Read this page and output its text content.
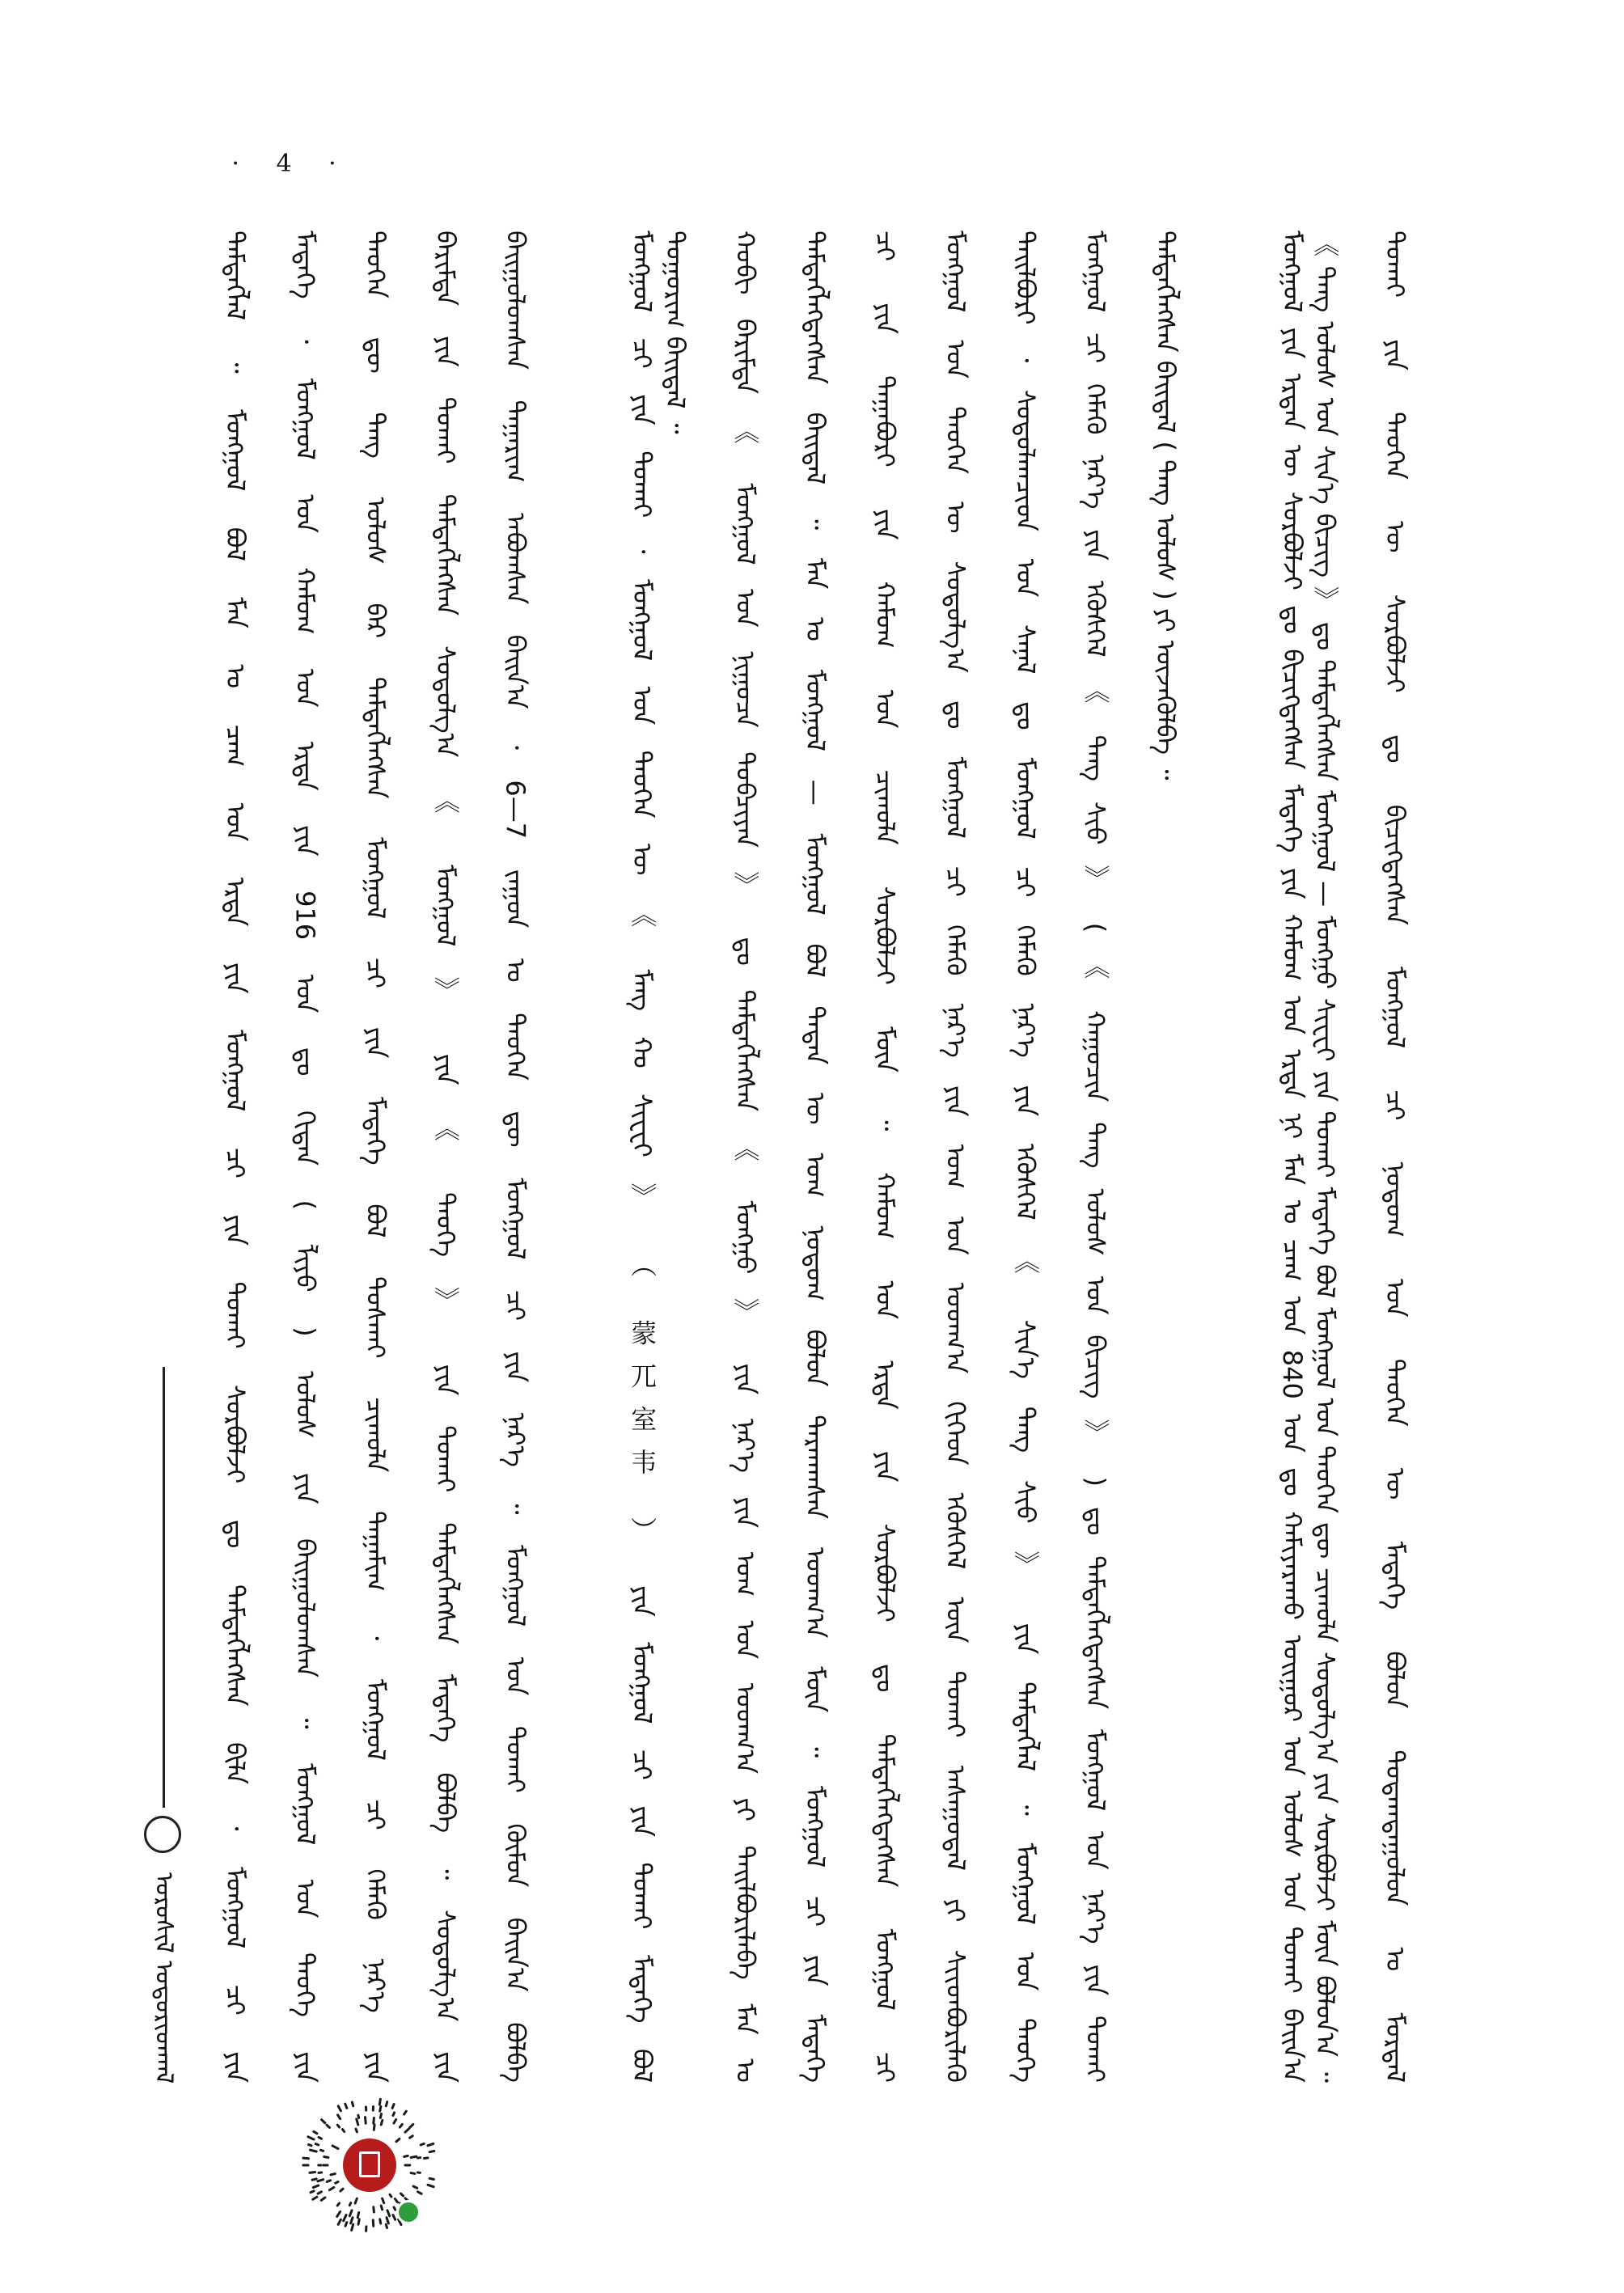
· 4 ·
ᠲᠤᠬᠠᠢ ᠶᠢᠨ ᠲᠡᠦᠬᠡᠨ ᠦ ᠰᠤᠷᠪᠤᠯᠵᠢ ᠳᠤ ᠪᠢᠴᠢᠭᠳᠡᠭᠰᠡᠨ ᠮᠣᠩᠭᠣᠯ ᠴᠢ ᠨᠤᠲᠤᠭ ᠤᠨ ᠲᠡᠦᠬᠡᠨ ᠦ ᠮᠡᠳᠡᠭᠡ ᠪᠤᠯᠤᠨ ᠳᠤᠲᠠᠭᠳᠠᠭᠤᠯᠤᠨ ᠤ ᠮᠣᠷᠳᠠᠯ
《 ᠲᠠᠩ ᠤᠯᠤᠰ ᠤᠨ ᠰᠢᠨ᠎ᠡ ᠪᠢᠴᠢᠭ 》 ᠳᠤ ᠲᠡᠮᠳᠡᠭᠯᠡᠭᠰᠡᠨ ᠮᠣᠩᠭᠣᠯ — ᠮᠤᠩᠭᠤ ᠰᠢᠸᠧᠢ ᠶᠢᠨ ᠲᠤᠬᠠᠢ ᠮᠡᠳᠡᠭᠡ ᠪᠣᠯ ᠮᠣᠩᠭᠣᠯ ᠤᠨ ᠲᠡᠦᠬᠡᠨ ᠳᠦ ᠴᠢᠬᠤᠯᠠ ᠰᠤᠳᠤᠯᠭ᠎ᠠ ᠶᠢᠨ ᠰᠤᠷᠪᠤᠯᠵᠢ ᠮᠥᠨ ᠪᠣᠯᠤᠨ᠎ᠠ ᠃
ᠮᠣᠩᠭᠣᠯ ᠶᠢᠨ ᠡᠷᠲᠡᠨ ᠦ ᠰᠤᠷᠪᠤᠯᠵᠢ ᠳᠤ ᠪᠢᠴᠢᠭᠳᠡᠭᠰᠡᠨ ᠮᠡᠳᠡᠭᠡ ᠶᠢᠨ ᠬᠠᠮᠤᠭ ᠤᠨ ᠡᠷᠲᠡ ᠨᠢ ᠮᠠᠨ ᠤ ᠴᠠᠭ ᠤᠨ 840 ᠣᠨ ᠳᠤ ᠬᠠᠮᠢᠶᠠᠷᠠᠬᠤ ᠤᠢᠭᠤᠷ ᠤᠨ ᠤᠯᠤᠰ ᠤᠨ ᠲᠤᠬᠠᠢ ᠪᠠᠢᠨ᠎ᠠ
ᠲᠡᠮᠳᠡᠭᠯᠡᠭᠰᠡᠨ ᠪᠠᠢᠳᠠᠯ ( ᠲᠠᠩ ᠤᠯᠤᠰ ) ᠶᠢ ᠦᠵᠡᠭᠦᠯᠪᠡ ᠃
ᠮᠣᠩᠭᠣᠯ ᠴᠢ ᠬᠡᠮᠡᠬᠦ ᠨᠡᠷ᠎ᠡ ᠶᠢᠨ ᠡᠭᠦᠰᠬᠡᠯ 《 ᠲᠠᠩ ᠰᠢᠦ 》 ( 《 ᠬᠠᠭᠤᠴᠢᠨ ᠲᠠᠩ ᠤᠯᠤᠰ ᠤᠨ ᠪᠢᠴᠢᠭ 》 ) ᠳᠤ ᠲᠡᠮᠳᠡᠭᠯᠡᠭᠳᠡᠭᠰᠡᠨ ᠮᠣᠩᠭᠣᠯ ᠤᠨ ᠨᠡᠷ᠎ᠡ ᠶᠢᠨ ᠲᠤᠬᠠᠢ
ᠲᠠᠢᠯᠪᠤᠷᠢ ᠂ ᠰᠤᠳᠤᠯᠠᠭᠴᠢᠳ ᠤᠨ ᠰᠠᠨᠠᠯ ᠳᠤ ᠮᠣᠩᠭᠣᠯ ᠴᠢ ᠬᠡᠮᠡᠬᠦ ᠨᠡᠷ᠎ᠡ ᠶᠢᠨ ᠡᠭᠦᠰᠬᠡᠯ 《 ᠰᠢᠨ᠎ᠡ ᠲᠠᠩ ᠰᠢᠦ 》 ᠶᠢᠨ ᠲᠡᠮᠳᠡᠭᠯᠡᠯ ᠃ ᠮᠣᠩᠭᠣᠯ ᠤᠨ ᠲᠡᠦᠬᠡ
ᠮᠣᠩᠭᠣᠯ ᠤᠨ ᠲᠡᠦᠬᠡᠨ ᠦ ᠰᠤᠳᠤᠯᠭ᠎ᠠ ᠳᠤ ᠮᠣᠩᠭᠣᠯ ᠴᠢ ᠬᠡᠮᠡᠬᠦ ᠨᠡᠷ᠎ᠡ ᠶᠢᠨ ᠤᠭ ᠤᠨ ᠤᠳᠬ᠎ᠠ ᠬᠢᠭᠡᠳ ᠡᠭᠦᠰᠬᠡᠯ ᠦᠨ ᠲᠤᠬᠠᠢ ᠠᠰᠠᠭᠤᠳᠠᠯ ᠶᠢ ᠰᠢᠢᠳᠪᠦᠷᠢᠯᠡᠬᠦ
ᠴᠢ ᠶᠢᠨ ᠳᠠᠭᠠᠪᠤᠷᠢ ᠶᠢᠨ ᠬᠠᠮᠤᠭ ᠤᠨ ᠴᠢᠬᠤᠯᠠ ᠰᠤᠷᠪᠤᠯᠵᠢ ᠮᠥᠨ ᠃ ᠬᠠᠮᠤᠭ ᠤᠨ ᠡᠷᠲᠡ ᠶᠢᠨ ᠰᠤᠷᠪᠤᠯᠵᠢ ᠳᠤ ᠲᠡᠮᠳᠡᠭᠯᠡᠭᠳᠡᠭᠰᠡᠨ ᠮᠣᠩᠭᠣᠯ ᠴᠢ
ᠲᠡᠮᠳᠡᠭᠯᠡᠭᠳᠡᠭᠰᠡᠨ ᠪᠠᠢᠳᠠᠯ ᠃ ᠮᠠᠨ ᠤ ᠮᠣᠩᠭᠣᠯ — ᠮᠣᠩᠭᠣᠯ ᠪᠣᠯ ᠲᠡᠳᠡᠨ ᠦ ᠤᠭ ᠨᠤᠲᠤᠭ ᠪᠣᠯᠤᠨ ᠲᠠᠷᠬᠠᠭᠰᠠᠨ ᠤᠳᠬ᠎ᠠ ᠮᠥᠨ ᠃ ᠮᠣᠩᠭᠣᠯ ᠴᠢ ᠶᠢᠨ ᠮᠡᠳᠡᠭᠡ
ᠬᠤᠪᠢ ᠪᠠᠷᠢᠮᠲᠠ 《 ᠮᠣᠩᠭᠣᠯ ᠤᠨ ᠨᠢᠭᠤᠴᠠ ᠲᠤᠪᠴᠢᠶᠠᠨ 》 ᠳᠤ ᠲᠡᠮᠳᠡᠭᠯᠡᠭᠰᠡᠨ 《 ᠮᠤᠩᠭᠤ 》 ᠶᠢᠨ ᠨᠡᠷ᠎ᠡ ᠶᠢᠨ ᠤᠭ ᠤᠨ ᠤᠳᠬ᠎ᠠ ᠶᠢ ᠲᠠᠢᠯᠪᠤᠷᠢᠯᠠᠪᠠ ᠮᠠᠨ ᠤ
ᠲᠤᠭᠤᠷᠢᠭ ᠪᠠᠢᠳᠠᠯ ᠃
ᠮᠣᠩᠭᠣᠯ ᠴᠢ ᠶᠢᠨ ᠲᠤᠬᠠᠢ ᠂ ᠮᠣᠩᠭᠣᠯ ᠤᠨ ᠲᠡᠦᠬᠡᠨ ᠦ 《 ᠮᠠᠩ ᠬᠤ ᠰᠢᠸᠧᠢ 》 （ 蒙兀室韦 ） ᠶᠢᠨ ᠮᠣᠩᠭᠣᠯ ᠴᠢ ᠶᠢᠨ ᠲᠤᠬᠠᠢ ᠮᠡᠳᠡᠭᠡ ᠪᠣᠯ
ᠪᠠᠢᠭᠤᠯᠤᠭᠰᠠᠨ ᠳᠠᠭᠠᠷᠢᠭ ᠠᠪᠤᠭᠰᠠᠨ ᠪᠠᠢᠨ᠎ᠠ ᠂ 6—7 ᠵᠠᠭᠤᠨ ᠤ ᠲᠡᠦᠬᠡᠨ ᠳᠦ ᠮᠣᠩᠭᠣᠯ ᠴᠢ ᠶᠢᠨ ᠨᠡᠷ᠎ᠡ ᠃ ᠮᠣᠩᠭᠣᠯ ᠤᠨ ᠲᠤᠬᠠᠢ ᠬᠦᠮᠦᠨ ᠪᠠᠢᠨ᠎ᠠ ᠪᠣᠯᠪᠠ
ᠪᠠᠷᠢᠮᠲᠠ ᠶᠢᠨ ᠲᠤᠬᠠᠢ ᠲᠡᠮᠳᠡᠭᠯᠡᠭᠰᠡᠨ ᠰᠤᠳᠤᠯᠭ᠎ᠠ 《 ᠮᠣᠩᠭᠣᠯ 》 ᠶᠢᠨ 《 ᠲᠡᠦᠬᠡ 》 ᠶᠢᠨ ᠲᠤᠬᠠᠢ ᠲᠡᠮᠳᠡᠭᠯᠡᠭᠰᠡᠨ ᠮᠡᠳᠡᠭᠡ ᠪᠣᠯᠪᠠ ᠃ ᠰᠤᠳᠤᠯᠭ᠎ᠠ ᠶᠢᠨ
ᠲᠡᠦᠬᠡᠨ ᠳᠦ ᠲᠠᠩ ᠤᠯᠤᠰ ᠪᠠᠷ ᠲᠡᠮᠳᠡᠭᠯᠡᠭᠰᠡᠨ ᠮᠣᠩᠭᠣᠯ ᠴᠢ ᠶᠢᠨ ᠮᠡᠳᠡᠭᠡ ᠪᠣᠯ ᠲᠤᠰᠬᠠᠢ ᠴᠢᠬᠤᠯᠠ ᠳᠠᠭᠠᠮᠢᠭ ᠂ ᠮᠣᠩᠭᠣᠯ ᠴᠢ ᠬᠡᠮᠡᠬᠦ ᠨᠡᠷ᠎ᠡ ᠶᠢᠨ
ᠮᠡᠳᠡᠭᠡ ᠂ ᠮᠣᠩᠭᠣᠯ ᠤᠨ ᠬᠠᠮᠤᠭ ᠤᠨ ᠡᠷᠲᠡ ᠶᠢᠨ 916 ᠣᠨ ᠳᠤ ᠬᠢᠳᠠᠨ ( ᠯᠢᠶᠣ ) ᠤᠯᠤᠰ ᠶᠢᠨ ᠪᠠᠢᠭᠤᠯᠤᠭᠰᠠᠨ ᠃ ᠮᠣᠩᠭᠣᠯ ᠤᠨ ᠲᠡᠦᠬᠡ ᠶᠢᠨ
ᠲᠡᠮᠳᠡᠭᠯᠡᠯ ᠃ ᠮᠣᠩᠭᠣᠯ ᠪᠣᠯ ᠮᠠᠨ ᠤ ᠴᠠᠭ ᠤᠨ ᠡᠷᠲᠡ ᠶᠢᠨ ᠮᠣᠩᠭᠣᠯ ᠴᠢ ᠶᠢᠨ ᠲᠤᠬᠠᠢ ᠰᠤᠷᠪᠤᠯᠵᠢ ᠳᠤ ᠲᠡᠮᠳᠡᠭᠯᠡᠭᠰᠡᠨ ᠪᠢᠯᠡ ᠂ ᠮᠣᠩᠭᠣᠯ ᠴᠢ ᠶᠢᠨ
ᠣᠷᠣᠰᠢᠯ ᠤᠳᠤᠷᠢᠳᠬᠠᠯ
